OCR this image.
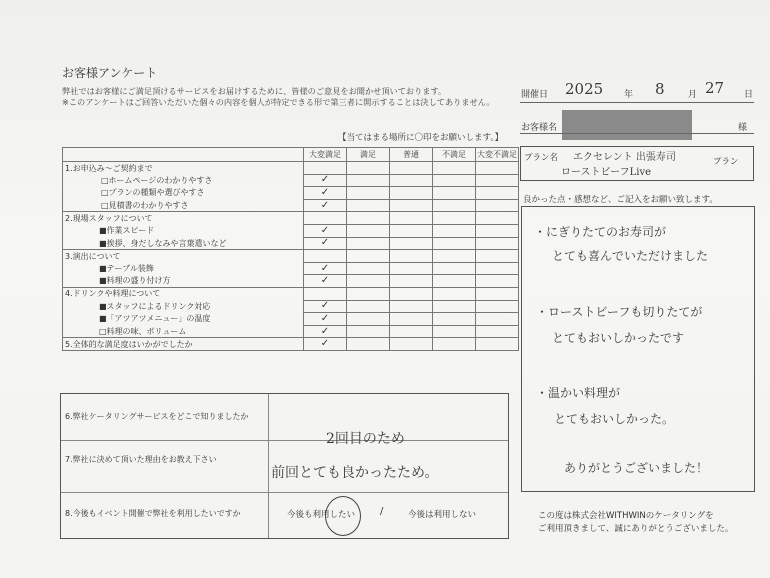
お客様アンケート
弊社ではお客様にご満足頂けるサービスをお届けするために、皆様のご意見をお聞かせ頂いております。
※このアンケートはご回答いただいた個々の内容を個人が特定できる形で第三者に開示することは決してありません。
【当てはまる場所に〇印をお願いします。】
	大変満足	満足	普通	不満足	大変不満足
1.お申込み～ご契約まで					
□ホームページのわかりやすさ	✓				
□プランの種類や選びやすさ	✓				
□見積書のわかりやすさ	✓				
2.現場スタッフについて					
■作業スピード	✓				
■挨拶、身だしなみや言葉遣いなど	✓				
3.演出について					
■テーブル装飾	✓				
■料理の盛り付け方	✓				
4.ドリンクや料理について					
■スタッフによるドリンク対応	✓				
■「アツアツメニュー」の温度	✓				
□料理の味、ボリューム	✓				
5.全体的な満足度はいかがでしたか	✓				
6.弊社ケータリングサービスをどこで知りましたか
2回目のため
7.弊社に決めて頂いた理由をお教え下さい
前回とても良かったため。
8.今後もイベント開催で弊社を利用したいですか	今後も利用したい /	今後は利用しない
開催日 2025 年 8	月 27 日
お客様名	様
プラン名 エクセレント 出張寿司
ローストビーフLive
プラン
良かった点・感想など、ご記入をお願い致します。
・にぎりたてのお寿司が
とても喜んでいただけました
・ローストビーフも切りたてが
とてもおいしかったです
・温かい料理が
とてもおいしかった。
ありがとうございました！
この度は株式会社WITHWINのケータリングを
ご利用頂きまして、誠にありがとうございました。
